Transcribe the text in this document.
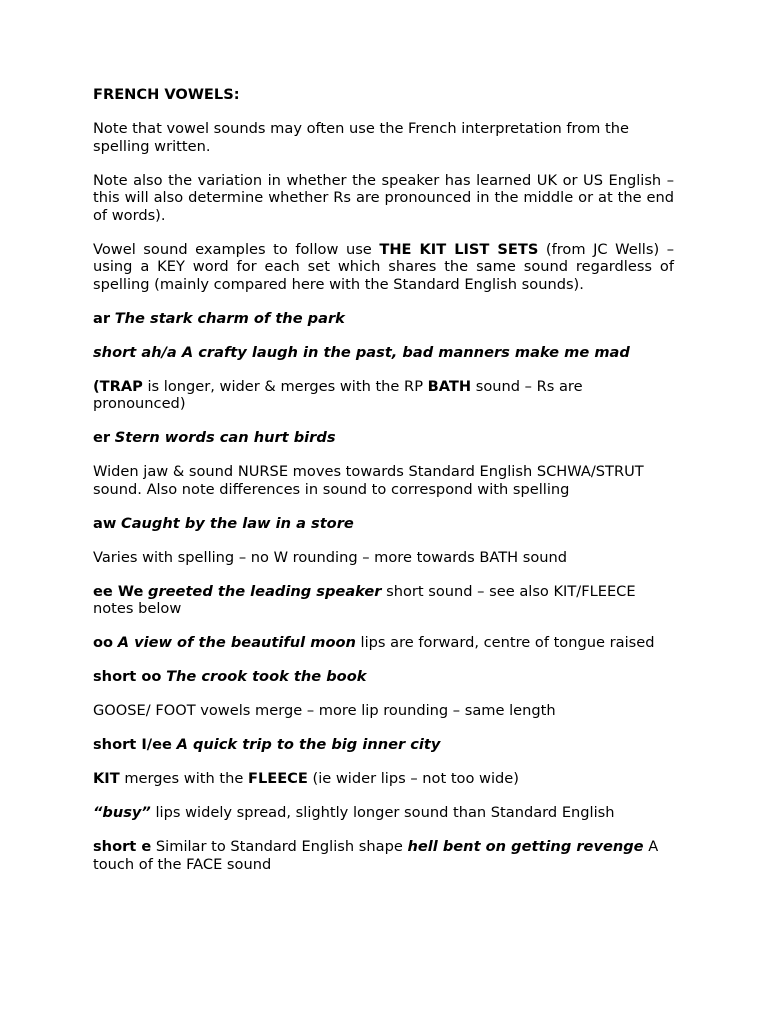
FRENCH VOWELS:

Note that vowel sounds may often use the French interpretation from the spelling written.

Note also the variation in whether the speaker has learned UK or US English – this will also determine whether Rs are pronounced in the middle or at the end of words).

Vowel sound examples to follow use THE KIT LIST SETS (from JC Wells) – using a KEY word for each set which shares the same sound regardless of spelling (mainly compared here with the Standard English sounds).

ar The stark charm of the park

short ah/a A crafty laugh in the past, bad manners make me mad

(TRAP is longer, wider & merges with the RP BATH sound – Rs are pronounced)

er Stern words can hurt birds

Widen jaw & sound NURSE moves towards Standard English SCHWA/STRUT sound. Also note differences in sound to correspond with spelling

aw Caught by the law in a store

Varies with spelling – no W rounding – more towards BATH sound

ee We greeted the leading speaker short sound – see also KIT/FLEECE notes below

oo A view of the beautiful moon lips are forward, centre of tongue raised

short oo The crook took the book

GOOSE/ FOOT vowels merge – more lip rounding – same length

short I/ee A quick trip to the big inner city

KIT merges with the FLEECE (ie wider lips – not too wide)

“busy” lips widely spread, slightly longer sound than Standard English

short e Similar to Standard English shape hell bent on getting revenge A touch of the FACE sound
